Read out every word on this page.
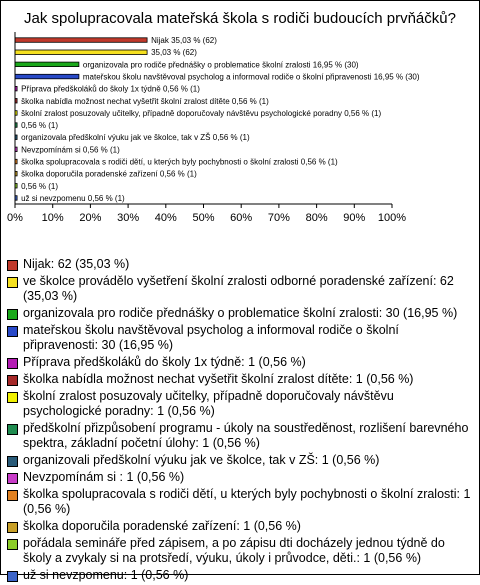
Jak spolupracovala mateřská škola s rodiči budoucích prvňáčků?
Nijak 35,03 % (62)
35,03 % (62)
organizovala pro rodiče přednášky o problematice školní zralosti 16,95 % (30)
mateřskou školu navštěvoval psycholog a informoval rodiče o školní připravenosti 16,95 % (30)
Příprava předškoláků do školy 1x týdně 0,56 % (1)
školka nabídla možnost nechat vyšetřit školní zralost dítěte 0,56 % (1)
školní zralost posuzovaly učitelky, případně doporučovaly návštěvu psychologické poradny 0,56 % (1)
0,56 % (1)
organizovala předškolní výuku jak ve školce, tak v ZŠ 0,56 % (1)
Nevzpomínám si 0,56 % (1)
školka spolupracovala s rodiči dětí, u kterých byly pochybnosti o školní zralosti 0,56 % (1)
školka doporučila poradenské zařízení 0,56 % (1)
0,56 % (1)
už si nevzpomenu 0,56 % (1)
0% 10% 20% 30% 40% 50% 60% 70% 80% 90% 100%
Nijak: 62 (35,03 %)
ve školce provádělo vyšetření školní zralosti odborné poradenské zařízení: 62 (35,03 %)
organizovala pro rodiče přednášky o problematice školní zralosti: 30 (16,95 %)
mateřskou školu navštěvoval psycholog a informoval rodiče o školní připravenosti: 30 (16,95 %)
Příprava předškoláků do školy 1x týdně: 1 (0,56 %)
školka nabídla možnost nechat vyšetřit školní zralost dítěte: 1 (0,56 %)
školní zralost posuzovaly učitelky, případně doporučovaly návštěvu psychologické poradny: 1 (0,56 %)
předškolní přizpůsobení programu - úkoly na soustředěnost, rozlišení barevného spektra, základní početní úlohy: 1 (0,56 %)
organizovali předškolní výuku jak ve školce, tak v ZŠ: 1 (0,56 %)
Nevzpomínám si : 1 (0,56 %)
školka spolupracovala s rodiči dětí, u kterých byly pochybnosti o školní zralosti: 1 (0,56 %)
školka doporučila poradenské zařízení: 1 (0,56 %)
pořádala semináře před zápisem, a po zápisu dti docházely jednou týdně do školy a zvykaly si na protsředí, výuku, úkoly i průvodce, děti.: 1 (0,56 %)
už si nevzpomenu: 1 (0,56 %)
